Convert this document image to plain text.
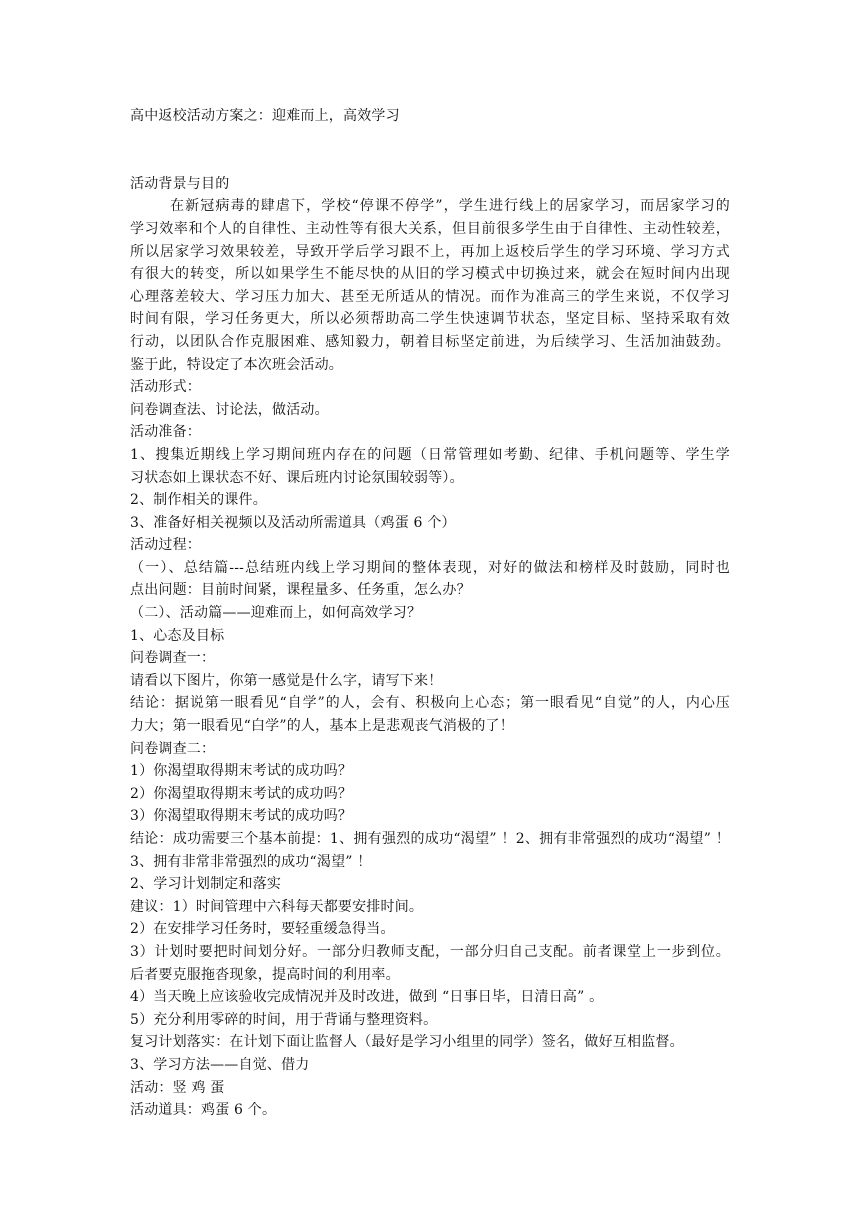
高中返校活动方案之：迎难而上，高效学习
活动背景与目的
在新冠病毒的肆虐下，学校“停课不停学”，学生进行线上的居家学习，而居家学习的
学习效率和个人的自律性、主动性等有很大关系，但目前很多学生由于自律性、主动性较差，
所以居家学习效果较差，导致开学后学习跟不上，再加上返校后学生的学习环境、学习方式
有很大的转变，所以如果学生不能尽快的从旧的学习模式中切换过来，就会在短时间内出现
心理落差较大、学习压力加大、甚至无所适从的情况。而作为准高三的学生来说，不仅学习
时间有限，学习任务更大，所以必须帮助高二学生快速调节状态，坚定目标、坚持采取有效
行动，以团队合作克服困难、感知毅力，朝着目标坚定前进，为后续学习、生活加油鼓劲。
鉴于此，特设定了本次班会活动。
活动形式：
问卷调查法、讨论法，做活动。
活动准备：
1、搜集近期线上学习期间班内存在的问题（日常管理如考勤、纪律、手机问题等、学生学
习状态如上课状态不好、课后班内讨论氛围较弱等）。
2、制作相关的课件。
3、准备好相关视频以及活动所需道具（鸡蛋 6 个）
活动过程：
（一）、总结篇---总结班内线上学习期间的整体表现，对好的做法和榜样及时鼓励，同时也
点出问题：目前时间紧，课程量多、任务重，怎么办？
（二）、活动篇——迎难而上，如何高效学习？
1、心态及目标
问卷调查一：
请看以下图片，你第一感觉是什么字，请写下来！
结论：据说第一眼看见“自学”的人，会有、积极向上心态；第一眼看见“自觉”的人，内心压
力大；第一眼看见“白学”的人，基本上是悲观丧气消极的了！
问卷调查二：
1）你渴望取得期末考试的成功吗？
2）你渴望取得期末考试的成功吗？
3）你渴望取得期末考试的成功吗？
结论：成功需要三个基本前提：1、拥有强烈的成功“渴望” ！2、拥有非常强烈的成功“渴望” ！
3、拥有非常非常强烈的成功“渴望” ！
2、学习计划制定和落实
建议：1）时间管理中六科每天都要安排时间。
2）在安排学习任务时，要轻重缓急得当。
3）计划时要把时间划分好。一部分归教师支配，一部分归自己支配。前者课堂上一步到位。
后者要克服拖沓现象，提高时间的利用率。
4）当天晚上应该验收完成情况并及时改进，做到 “日事日毕，日清日高” 。
5）充分利用零碎的时间，用于背诵与整理资料。
复习计划落实：在计划下面让监督人（最好是学习小组里的同学）签名，做好互相监督。
3、学习方法——自觉、借力
活动：竖 鸡 蛋
活动道具：鸡蛋 6 个。
